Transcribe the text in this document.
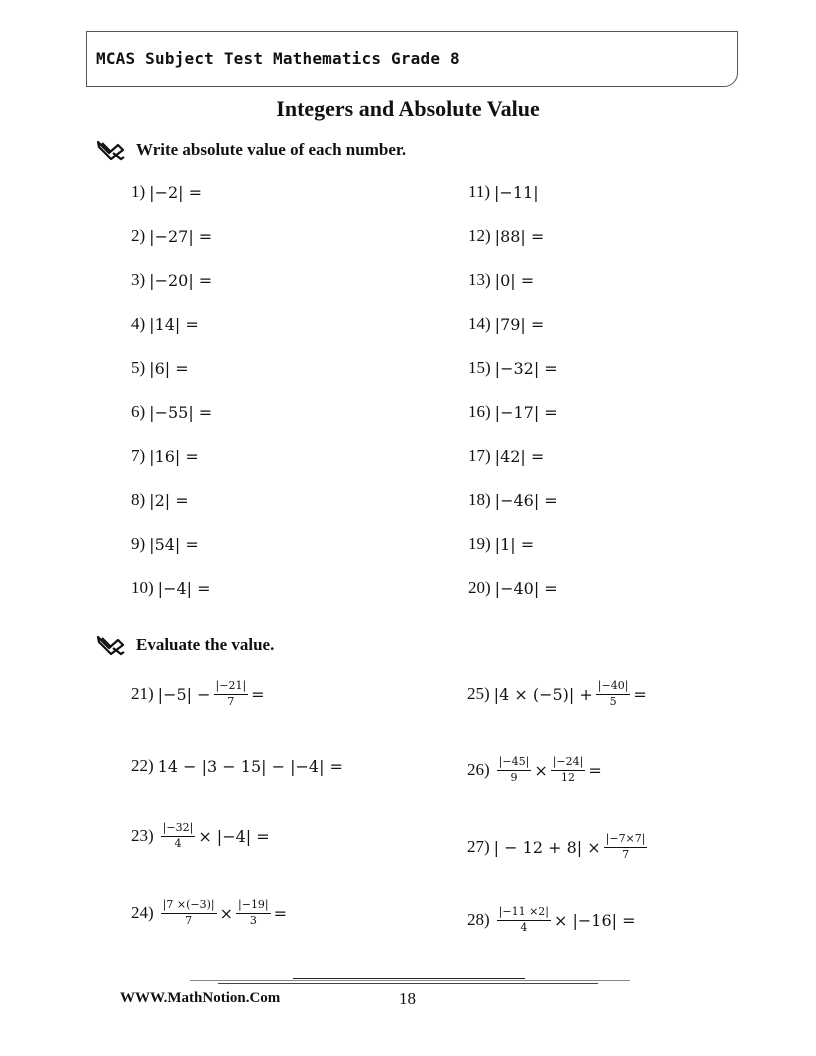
MCAS Subject Test Mathematics Grade 8
Integers and Absolute Value
Write absolute value of each number.
1) |−2| =
2) |−27| =
3) |−20| =
4) |14| =
5) |6| =
6) |−55| =
7) |16| =
8) |2| =
9) |54| =
10) |−4| =
11) |−11|
12) |88| =
13) |0| =
14) |79| =
15) |−32| =
16) |−17| =
17) |42| =
18) |−46| =
19) |1| =
20) |−40| =
Evaluate the value.
21) $|-5| - \frac{|-21|}{7}$ =
22) 14 − |3 − 15| − |−4| =
$23) \frac{|-32|}{4} \times |-4|$ =
$24) \frac{|7 \times(-3)|}{7} \times \frac{|-19|}{3}$ =
25) $|4 \times (-5)| + \frac{|-40|}{5}$ =
$26) \frac{|-45|}{9} \times \frac{|-24|}{12}$ =
27) | − $12 + 8| \times \frac{|-7\times 7|}{7}$
$28) \frac{|-11 \times 2|}{4} \times |-16|$ =
WWW.MathNotion.Com	18
